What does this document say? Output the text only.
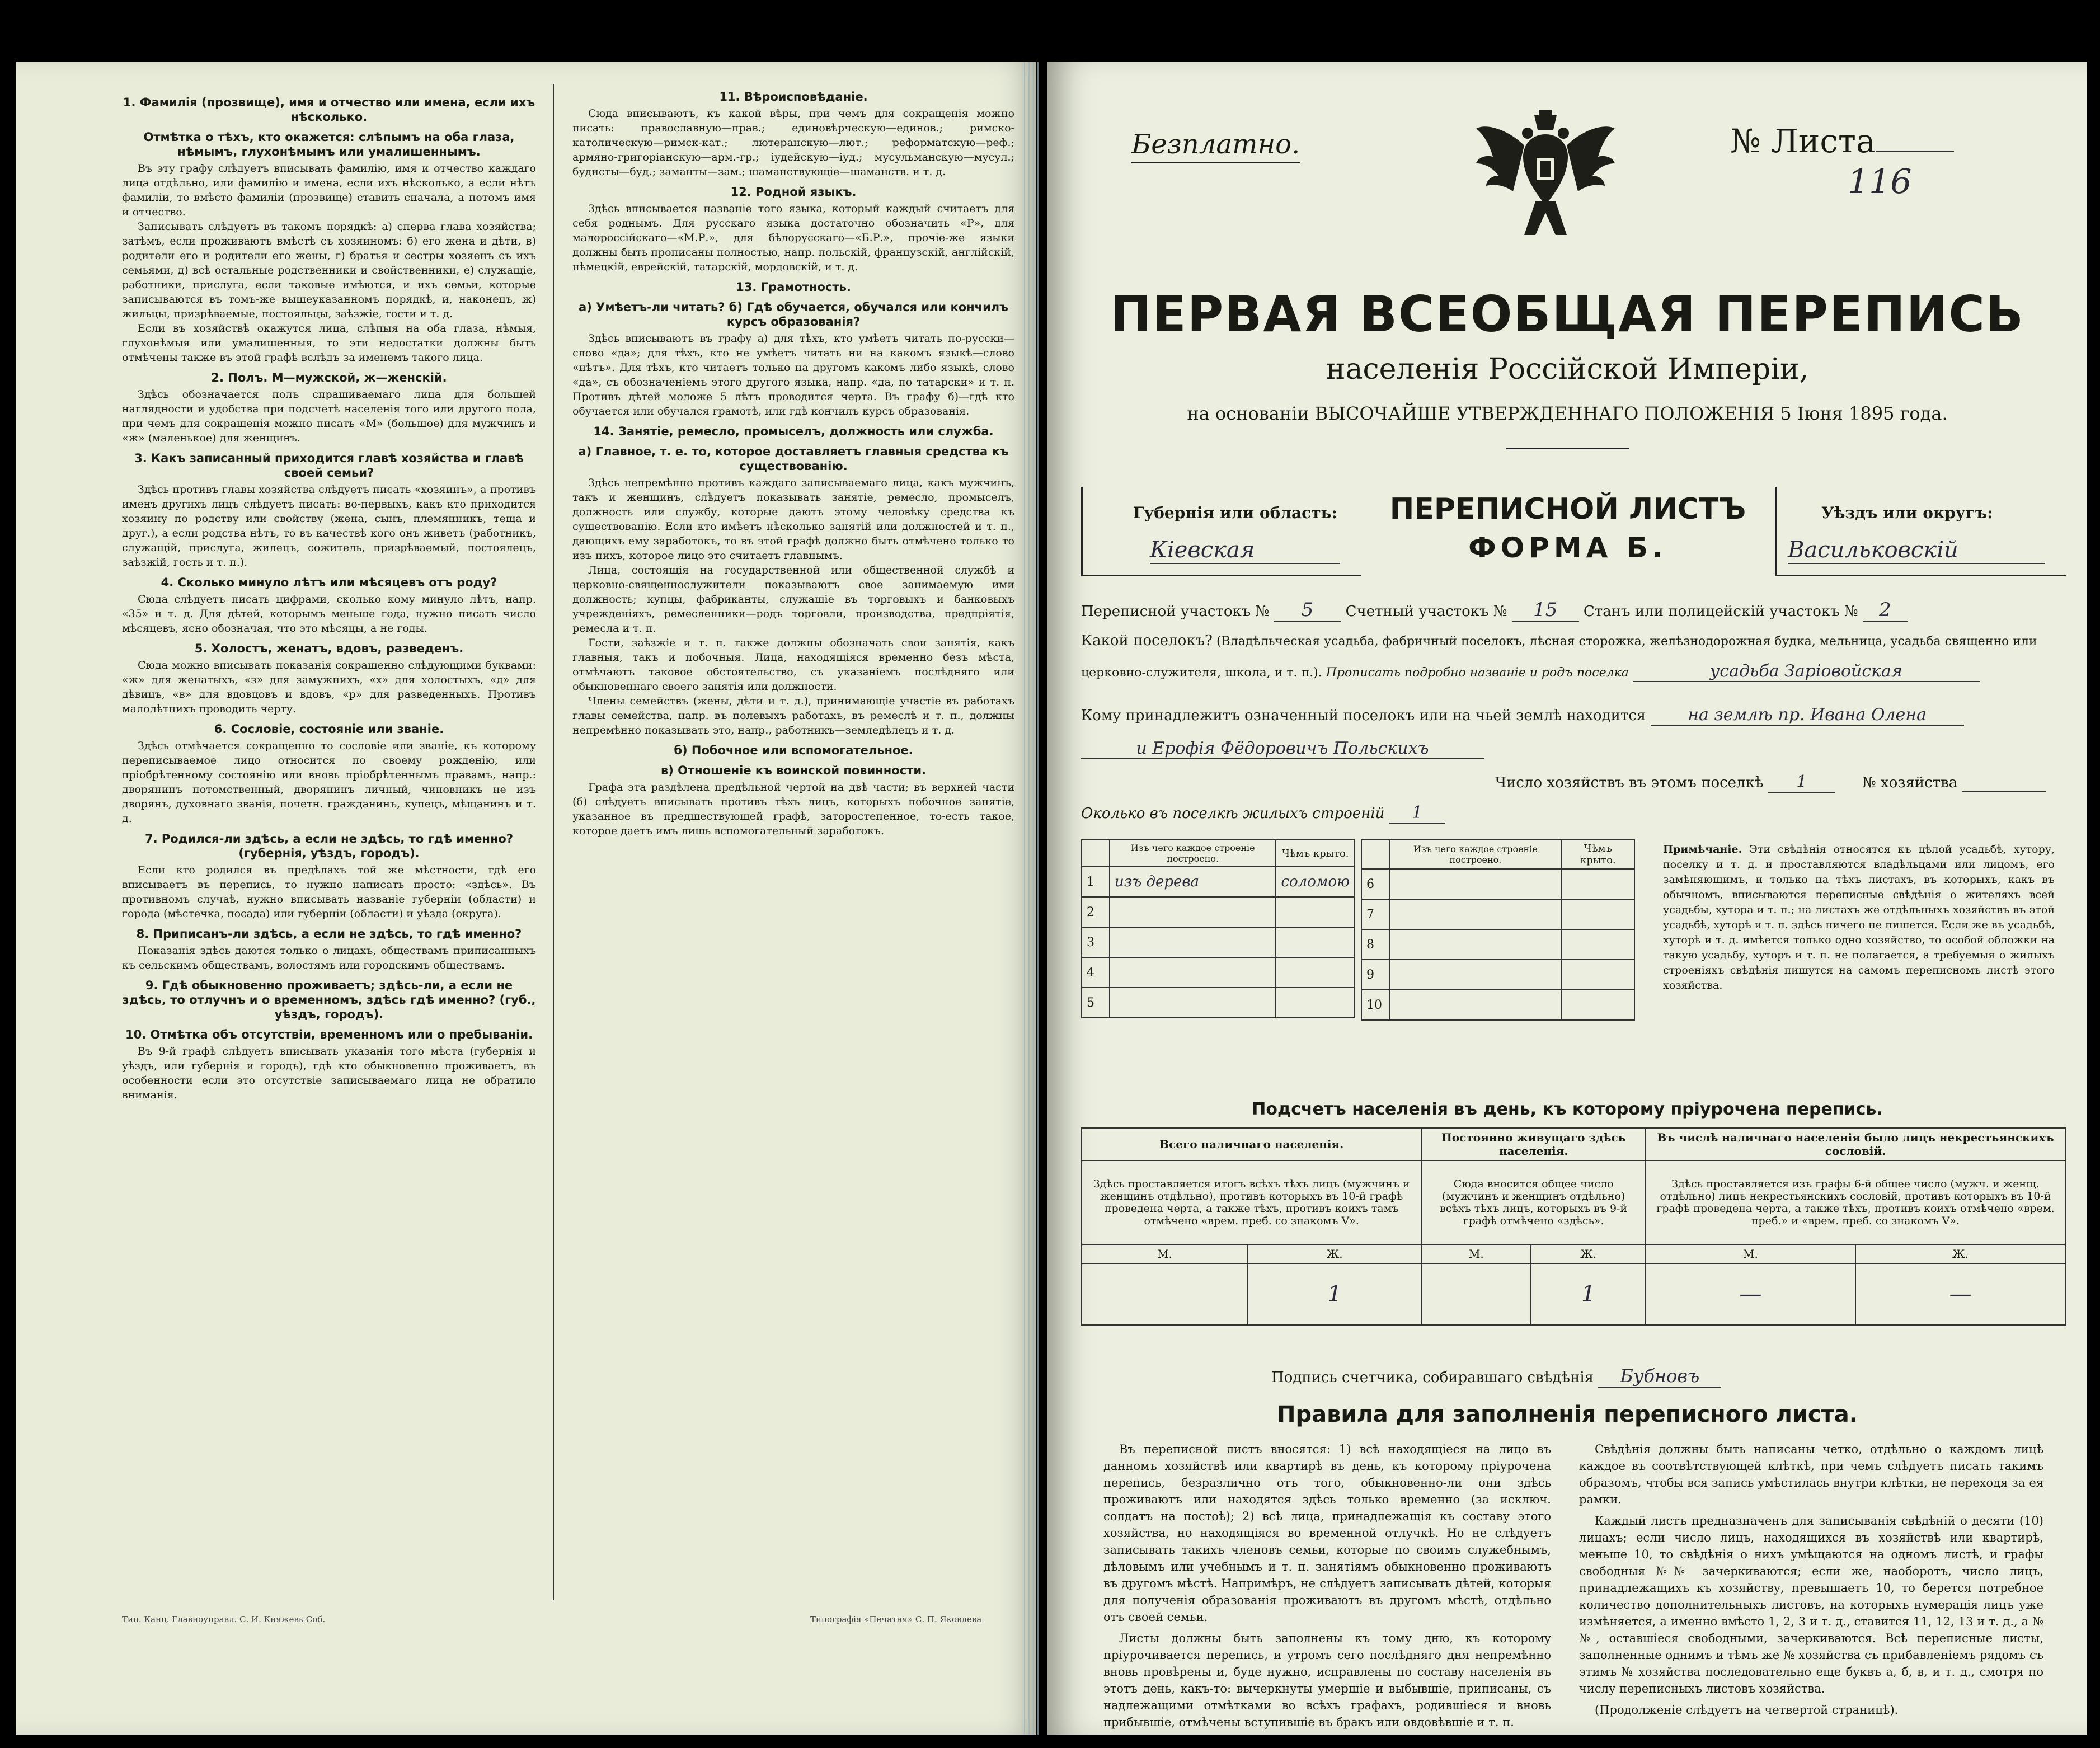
1. Фамилія (прозвище), имя и отчество или имена, если ихъ нѣсколько.
Отмѣтка о тѣхъ, кто окажется: слѣпымъ на оба глаза, нѣмымъ, глухонѣмымъ или умалишеннымъ.

Въ эту графу слѣдуетъ вписывать фамилію, имя и отчество каждаго лица отдѣльно, или фамилію и имена, если ихъ нѣсколько, а если нѣтъ фамиліи, то вмѣсто фамиліи (прозвище) ставить сначала, а потомъ имя и отчество.

Записывать слѣдуетъ въ такомъ порядкѣ: а) сперва глава хозяйства; затѣмъ, если проживаютъ вмѣстѣ съ хозяиномъ: б) его жена и дѣти, в) родители его и родители его жены, г) братья и сестры хозяенъ съ ихъ семьями, д) всѣ остальные родственники и свойственники, е) служащіе, работники, прислуга, если таковые имѣются, и ихъ семьи, которые записываются въ томъ-же вышеуказанномъ порядкѣ, и, наконецъ, ж) жильцы, призрѣваемые, постояльцы, заѣзжіе, гости и т. д.

Если въ хозяйствѣ окажутся лица, слѣпыя на оба глаза, нѣмыя, глухонѣмыя или умалишенныя, то эти недостатки должны быть отмѣчены также въ этой графѣ вслѣдъ за именемъ такого лица.

2. Полъ. М—мужской, ж—женскій.

Здѣсь обозначается полъ спрашиваемаго лица для большей наглядности и удобства при подсчетѣ населенія того или другого пола, при чемъ для сокращенія можно писать «М» (большое) для мужчинъ и «ж» (маленькое) для женщинъ.

3. Какъ записанный приходится главѣ хозяйства и главѣ своей семьи?

Здѣсь противъ главы хозяйства слѣдуетъ писать «хозяинъ», а противъ именъ другихъ лицъ слѣдуетъ писать: во-первыхъ, какъ кто приходится хозяину по родству или свойству (жена, сынъ, племянникъ, теща и друг.), а если родства нѣтъ, то въ качествѣ кого онъ живетъ (работникъ, служащій, прислуга, жилецъ, сожитель, призрѣваемый, постоялецъ, заѣзжій, гость и т. п.).

4. Сколько минуло лѣтъ или мѣсяцевъ отъ роду?

Сюда слѣдуетъ писать цифрами, сколько кому минуло лѣтъ, напр. «35» и т. д. Для дѣтей, которымъ меньше года, нужно писать число мѣсяцевъ, ясно обозначая, что это мѣсяцы, а не годы.

5. Холостъ, женатъ, вдовъ, разведенъ.

Сюда можно вписывать показанія сокращенно слѣдующими буквами: «ж» для женатыхъ, «з» для замужнихъ, «х» для холостыхъ, «д» для дѣвицъ, «в» для вдовцовъ и вдовъ, «р» для разведенныхъ. Противъ малолѣтнихъ проводить черту.

6. Сословіе, состояніе или званіе.

Здѣсь отмѣчается сокращенно то сословіе или званіе, къ которому переписываемое лицо относится по своему рожденію, или пріобрѣтенному состоянію или вновь пріобрѣтеннымъ правамъ, напр.: дворянинъ потомственный, дворянинъ личный, чиновникъ не изъ дворянъ, духовнаго званія, почетн. гражданинъ, купецъ, мѣщанинъ и т. д.

7. Родился-ли здѣсь, а если не здѣсь, то гдѣ именно? (губернія, уѣздъ, городъ).

Если кто родился въ предѣлахъ той же мѣстности, гдѣ его вписываетъ въ перепись, то нужно написать просто: «здѣсь». Въ противномъ случаѣ, нужно вписывать названіе губерніи (области) и города (мѣстечка, посада) или губерніи (области) и уѣзда (округа).

8. Приписанъ-ли здѣсь, а если не здѣсь, то гдѣ именно?

Показанія здѣсь даются только о лицахъ, обществамъ приписанныхъ къ сельскимъ обществамъ, волостямъ или городскимъ обществамъ.

9. Гдѣ обыкновенно проживаетъ; здѣсь-ли, а если не здѣсь, то отлучнъ и о временномъ, здѣсь гдѣ именно? (губ., уѣздъ, городъ).
10. Отмѣтка объ отсутствіи, временномъ или о пребываніи.

Въ 9-й графѣ слѣдуетъ вписывать указанія того мѣста (губернія и уѣздъ, или губернія и городъ), гдѣ кто обыкновенно проживаетъ, въ особенности если это отсутствіе записываемаго лица не обратило вниманія.

11. Вѣроисповѣданіе.

Сюда вписываютъ, къ какой вѣры, при чемъ для сокращенія можно писать: православную—прав.; единовѣрческую—единов.; римско-католическую—римск-кат.; лютеранскую—лют.; реформатскую—реф.; армяно-григоріанскую—арм.-гр.; іудейскую—іуд.; мусульманскую—мусул.; будисты—буд.; заманты—зам.; шаманствующіе—шаманств. и т. д.

12. Родной языкъ.

Здѣсь вписывается названіе того языка, который каждый считаетъ для себя роднымъ. Для русскаго языка достаточно обозначить «Р», для малороссійскаго—«М.Р.», для бѣлорусскаго—«Б.Р.», прочіе-же языки должны быть прописаны полностью, напр. польскій, французскій, англійскій, нѣмецкій, еврейскій, татарскій, мордовскій, и т. д.

13. Грамотность.
а) Умѣетъ-ли читать? б) Гдѣ обучается, обучался или кончилъ курсъ образованія?

Здѣсь вписываютъ въ графу а) для тѣхъ, кто умѣетъ читать по-русски—слово «да»; для тѣхъ, кто не умѣетъ читать ни на какомъ языкѣ—слово «нѣтъ». Для тѣхъ, кто читаетъ только на другомъ какомъ либо языкѣ, слово «да», съ обозначеніемъ этого другого языка, напр. «да, по татарски» и т. п. Противъ дѣтей моложе 5 лѣтъ проводится черта. Въ графу б)—гдѣ кто обучается или обучался грамотѣ, или гдѣ кончилъ курсъ образованія.

14. Занятіе, ремесло, промыселъ, должность или служба.
а) Главное, т. е. то, которое доставляетъ главныя средства къ существованію.

Здѣсь непремѣнно противъ каждаго записываемаго лица, какъ мужчинъ, такъ и женщинъ, слѣдуетъ показывать занятіе, ремесло, промыселъ, должность или службу, которые даютъ этому человѣку средства къ существованію. Если кто имѣетъ нѣсколько занятій или должностей и т. п., дающихъ ему заработокъ, то въ этой графѣ должно быть отмѣчено только то изъ нихъ, которое лицо это считаетъ главнымъ.

Лица, состоящія на государственной или общественной службѣ и церковно-священнослужители показываютъ свое занимаемую ими должность; купцы, фабриканты, служащіе въ торговыхъ и банковыхъ учрежденіяхъ, ремесленники—родъ торговли, производства, предпріятія, ремесла и т. п.

Гости, заѣзжіе и т. п. также должны обозначать свои занятія, какъ главныя, такъ и побочныя. Лица, находящіяся временно безъ мѣста, отмѣчаютъ таковое обстоятельство, съ указаніемъ послѣдняго или обыкновеннаго своего занятія или должности.

Члены семействъ (жены, дѣти и т. д.), принимающіе участіе въ работахъ главы семейства, напр. въ полевыхъ работахъ, въ ремеслѣ и т. п., должны непремѣнно показывать это, напр., работникъ—земледѣлецъ и т. д.

б) Побочное или вспомогательное.
в) Отношеніе къ воинской повинности.

Графа эта раздѣлена предѣльной чертой на двѣ части; въ верхней части (б) слѣдуетъ вписывать противъ тѣхъ лицъ, которыхъ побочное занятіе, указанное въ предшествующей графѣ, заторостепенное, то-есть такое, которое даетъ имъ лишь вспомогательный заработокъ.

Тип. Канц. Главноуправл. С. И. Княжевь Соб.	Типографія «Печатня» С. П. Яковлева
Безплатно.	№ Листа
116
ПЕРВАЯ ВСЕОБЩАЯ ПЕРЕПИСЬ
населенія Россійской Имперіи,
на основаніи ВЫСОЧАЙШЕ УТВЕРЖДЕННАГО ПОЛОЖЕНІЯ 5 Іюня 1895 года.
Губернія или область:
Кіевская
ПЕРЕПИСНОЙ ЛИСТЪ
ФОРМА Б.
Уѣздъ или округъ:
Васильковскій
Переписной участокъ № 5 Счетный участокъ № 15 Станъ или полицейскій участокъ № 2
Какой поселокъ? (Владѣльческая усадьба, фабричный поселокъ, лѣсная сторожка, желѣзнодорожная будка, мельница, усадьба священно или
церковно-служителя, школа, и т. п.). Прописать подробно названіе и родъ поселка	усадьба Заріовойская
Кому принадлежитъ означенный поселокъ или на чьей землѣ находится на землѣ пр. Ивана Олена
и Ерофія Фёдоровичъ Польскихъ
Число хозяйствъ въ этомъ поселкѣ 1	№ хозяйства
Околько въ поселкѣ жилыхъ строеній 1
	Изъ чего каждое строеніе построено.	Чѣмъ крыто.
1	изъ дерева	соломою
2		
3		
4		
5		
	Изъ чего каждое строеніе построено.	Чѣмъ крыто.
6		
7		
8		
9		
10		
Примѣчаніе. Эти свѣдѣнія относятся къ цѣлой усадьбѣ, хутору, поселку и т. д. и проставляются владѣльцами или лицомъ, его замѣняющимъ, и только на тѣхъ листахъ, въ которыхъ, какъ въ обычномъ, вписываются переписные свѣдѣнія о жителяхъ всей усадьбы, хутора и т. п.; на листахъ же отдѣльныхъ хозяйствъ въ этой усадьбѣ, хуторѣ и т. п. здѣсь ничего не пишется. Если же въ усадьбѣ, хуторѣ и т. д. имѣется только одно хозяйство, то особой обложки на такую усадьбу, хуторъ и т. п. не полагается, а требуемыя о жилыхъ строеніяхъ свѣдѣнія пишутся на самомъ переписномъ листѣ этого хозяйства.
Подсчетъ населенія въ день, къ которому пріурочена перепись.
Всего наличнаго населенія.		Постоянно живущаго здѣсь населенія.		Въ числѣ наличнаго населенія было лицъ некрестьянскихъ сословій.	
Здѣсь проставляется итогъ всѣхъ тѣхъ лицъ (мужчинъ и женщинъ отдѣльно), противъ которыхъ въ 10-й графѣ проведена черта, а также тѣхъ, противъ коихъ тамъ отмѣчено «врем. преб. со знакомъ V».		Сюда вносится общее число (мужчинъ и женщинъ отдѣльно) всѣхъ тѣхъ лицъ, которыхъ въ 9-й графѣ отмѣчено «здѣсь».		Здѣсь проставляется изъ графы 6-й общее число (мужч. и женщ. отдѣльно) лицъ некрестьянскихъ сословій, противъ которыхъ въ 10-й графѣ проведена черта, а также тѣхъ, противъ коихъ отмѣчено «врем. преб.» и «врем. преб. со знакомъ V».	
М.	Ж.	М.	Ж.	М.	Ж.
	1		1	—	—
Подпись счетчика, собиравшаго свѣдѣнія Бубновъ
Правила для заполненія переписного листа.

Въ переписной листъ вносятся: 1) всѣ находящіеся на лицо въ данномъ хозяйствѣ или квартирѣ въ день, къ которому пріурочена перепись, безразлично отъ того, обыкновенно-ли они здѣсь проживаютъ или находятся здѣсь только временно (за исключ. солдатъ на постоѣ); 2) всѣ лица, принадлежащія къ составу этого хозяйства, но находящіяся во временной отлучкѣ. Но не слѣдуетъ записывать такихъ членовъ семьи, которые по своимъ служебнымъ, дѣловымъ или учебнымъ и т. п. занятіямъ обыкновенно проживаютъ въ другомъ мѣстѣ. Напримѣръ, не слѣдуетъ записывать дѣтей, которыя для полученія образованія проживаютъ въ другомъ мѣстѣ, отдѣльно отъ своей семьи.

Листы должны быть заполнены къ тому дню, къ которому пріурочивается перепись, и утромъ сего послѣдняго дня непремѣнно вновь провѣрены и, буде нужно, исправлены по составу населенія въ этотъ день, какъ-то: вычеркнуты умершіе и выбывшіе, приписаны, съ надлежащими отмѣтками во всѣхъ графахъ, родившіеся и вновь прибывшіе, отмѣчены вступившіе въ бракъ или овдовѣвшіе и т. п.

Свѣдѣнія должны быть написаны четко, отдѣльно о каждомъ лицѣ каждое въ соотвѣтствующей клѣткѣ, при чемъ слѣдуетъ писать такимъ образомъ, чтобы вся запись умѣстилась внутри клѣтки, не переходя за ея рамки.

Каждый листъ предназначенъ для записыванія свѣдѣній о десяти (10) лицахъ; если число лицъ, находящихся въ хозяйствѣ или квартирѣ, меньше 10, то свѣдѣнія о нихъ умѣщаются на одномъ листѣ, и графы свободныя №№ зачеркиваются; если же, наоборотъ, число лицъ, принадлежащихъ къ хозяйству, превышаетъ 10, то берется потребное количество дополнительныхъ листовъ, на которыхъ нумерація лицъ уже измѣняется, а именно вмѣсто 1, 2, 3 и т. д., ставится 11, 12, 13 и т. д., а №№, оставшіеся свободными, зачеркиваются. Всѣ переписные листы, заполненные однимъ и тѣмъ же № хозяйства съ прибавленіемъ рядомъ съ этимъ № хозяйства последовательно еще буквъ а, б, в, и т. д., смотря по числу переписныхъ листовъ хозяйства.

(Продолженіе слѣдуетъ на четвертой страницѣ).
